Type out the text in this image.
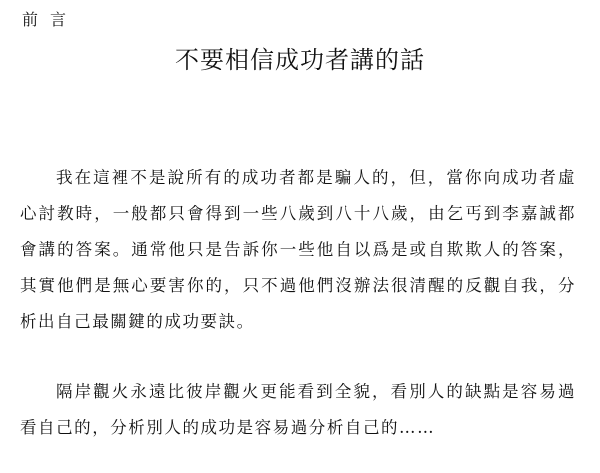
前言
不要相信成功者講的話

我在這裡不是說所有的成功者都是騙人的，但，當你向成功者虛心討教時，一般都只會得到一些八歲到八十八歲，由乞丐到李嘉誠都會講的答案。通常他只是告訴你一些他自以爲是或自欺欺人的答案，其實他們是無心要害你的，只不過他們沒辦法很清醒的反觀自我，分析出自己最關鍵的成功要訣。

隔岸觀火永遠比彼岸觀火更能看到全貌，看別人的缺點是容易過看自己的，分析別人的成功是容易過分析自己的……
